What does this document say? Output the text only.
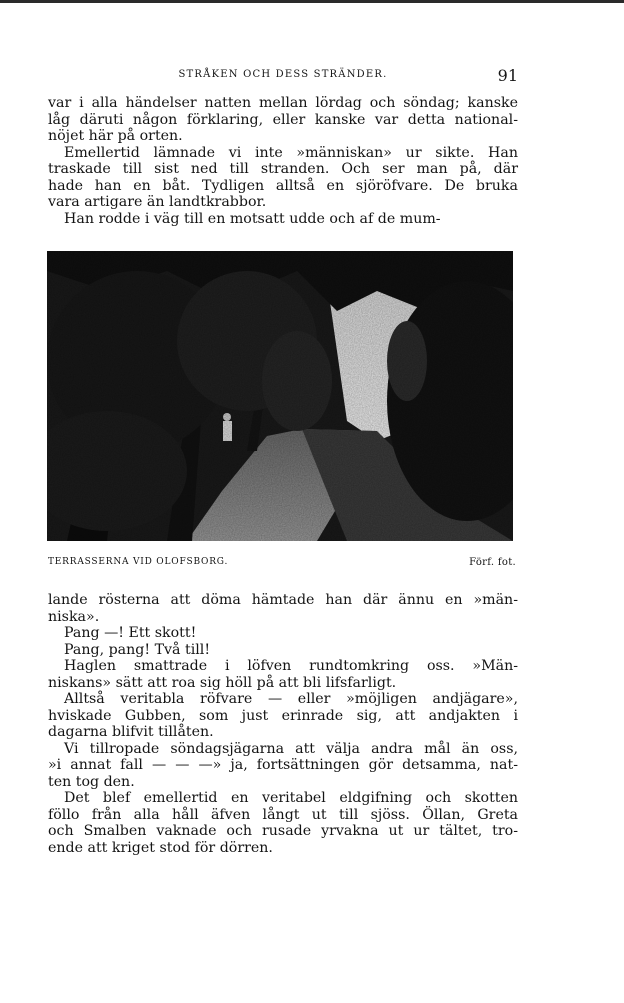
STRÅKEN OCH DESS STRÄNDER.	91
var i alla händelser natten mellan lördag och söndag; kanske
låg däruti någon förklaring, eller kanske var detta national-
nöjet här på orten.
Emellertid lämnade vi inte »människan» ur sikte. Han
traskade till sist ned till stranden. Och ser man på, där
hade han en båt. Tydligen alltså en sjöröfvare. De bruka
vara artigare än landtkrabbor.
Han rodde i väg till en motsatt udde och af de mum-
TERRASSERNA VID OLOFSBORG.	Förf. fot.
lande rösterna att döma hämtade han där ännu en »män-
niska».
Pang —! Ett skott!
Pang, pang! Två till!
Haglen smattrade i löfven rundtomkring oss. »Män-
niskans» sätt att roa sig höll på att bli lifsfarligt.
Alltså veritabla röfvare — eller »möjligen andjägare»,
hviskade Gubben, som just erinrade sig, att andjakten i
dagarna blifvit tillåten.
Vi tillropade söndagsjägarna att välja andra mål än oss,
»i annat fall — — —» ja, fortsättningen gör detsamma, nat-
ten tog den.
Det blef emellertid en veritabel eldgifning och skotten
föllo från alla håll äfven långt ut till sjöss. Öllan, Greta
och Smalben vaknade och rusade yrvakna ut ur tältet, tro-
ende att kriget stod för dörren.
